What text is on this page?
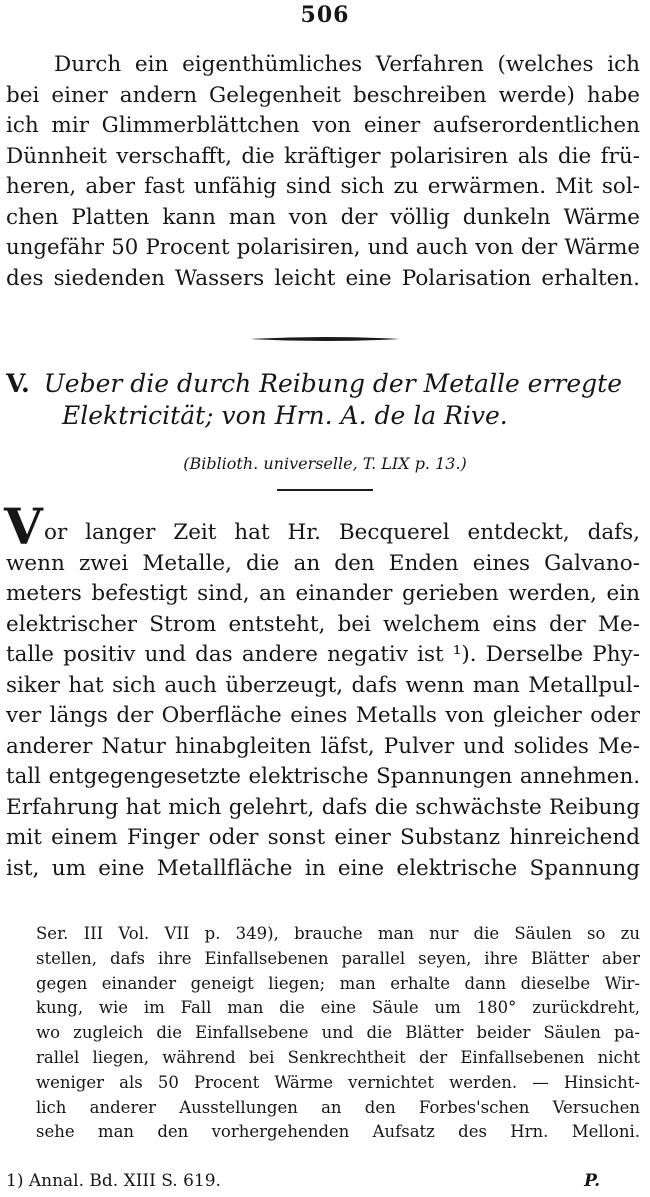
506
Durch ein eigenthümliches Verfahren (welches ich
bei einer andern Gelegenheit beschreiben werde) habe
ich mir Glimmerblättchen von einer aufserordentlichen
Dünnheit verschafft, die kräftiger polarisiren als die frü-
heren, aber fast unfähig sind sich zu erwärmen. Mit sol-
chen Platten kann man von der völlig dunkeln Wärme
ungefähr 50 Procent polarisiren, und auch von der Wärme
des siedenden Wassers leicht eine Polarisation erhalten.
V. Ueber die durch Reibung der Metalle erregte
Elektricität; von Hrn. A. de la Rive.
(Biblioth. universelle, T. LIX p. 13.)
V or langer Zeit hat Hr. Becquerel entdeckt, dafs,
wenn zwei Metalle, die an den Enden eines Galvano-
meters befestigt sind, an einander gerieben werden, ein
elektrischer Strom entsteht, bei welchem eins der Me-
talle positiv und das andere negativ ist ¹). Derselbe Phy-
siker hat sich auch überzeugt, dafs wenn man Metallpul-
ver längs der Oberfläche eines Metalls von gleicher oder
anderer Natur hinabgleiten läfst, Pulver und solides Me-
tall entgegengesetzte elektrische Spannungen annehmen.
Erfahrung hat mich gelehrt, dafs die schwächste Reibung
mit einem Finger oder sonst einer Substanz hinreichend
ist, um eine Metallfläche in eine elektrische Spannung
Ser. III Vol. VII p. 349), brauche man nur die Säulen so zu
stellen, dafs ihre Einfallsebenen parallel seyen, ihre Blätter aber
gegen einander geneigt liegen; man erhalte dann dieselbe Wir-
kung, wie im Fall man die eine Säule um 180° zurückdreht,
wo zugleich die Einfallsebene und die Blätter beider Säulen pa-
rallel liegen, während bei Senkrechtheit der Einfallsebenen nicht
weniger als 50 Procent Wärme vernichtet werden. — Hinsicht-
lich anderer Ausstellungen an den Forbes'schen Versuchen
sehe man den vorhergehenden Aufsatz des Hrn. Melloni.
1) Annal. Bd. XIII S. 619.	P.
